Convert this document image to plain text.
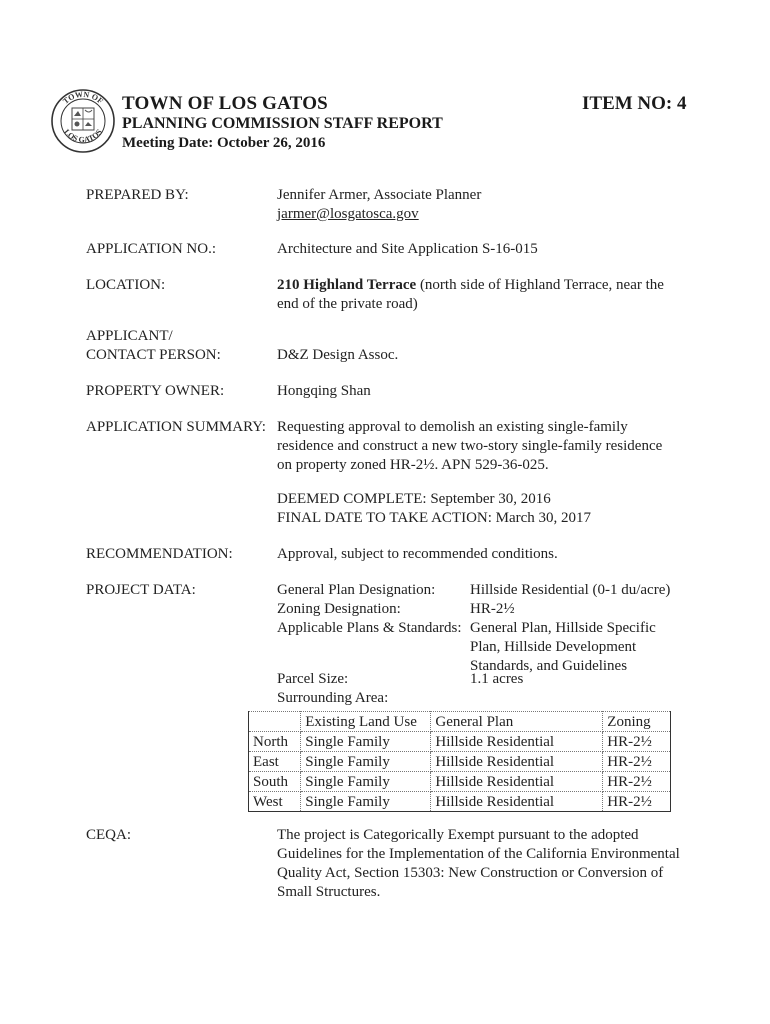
TOWN OF
LOS GATOS
TOWN OF LOS GATOS
PLANNING COMMISSION STAFF REPORT
Meeting Date: October 26, 2016
ITEM NO: 4
PREPARED BY:	Jennifer Armer, Associate Planner
jarmer@losgatosca.gov
APPLICATION NO.:	Architecture and Site Application S-16-015
LOCATION:	210 Highland Terrace (north side of Highland Terrace, near the end of the private road)
APPLICANT/
CONTACT PERSON:	D&Z Design Assoc.
PROPERTY OWNER:	Hongqing Shan
APPLICATION SUMMARY: Requesting approval to demolish an existing single-family residence and construct a new two-story single-family residence on property zoned HR-2½. APN 529-36-025.
DEEMED COMPLETE: September 30, 2016
FINAL DATE TO TAKE ACTION: March 30, 2017
RECOMMENDATION:	Approval, subject to recommended conditions.
PROJECT DATA:	General Plan Designation: Hillside Residential (0-1 du/acre)
Zoning Designation:	HR-2½
Applicable Plans & Standards: General Plan, Hillside Specific Plan, Hillside Development Standards, and Guidelines
Parcel Size:	1.1 acres
Surrounding Area:
	Existing Land Use	General Plan	Zoning
North	Single Family	Hillside Residential	HR-2½
East	Single Family	Hillside Residential	HR-2½
South	Single Family	Hillside Residential	HR-2½
West	Single Family	Hillside Residential	HR-2½
CEQA:	The project is Categorically Exempt pursuant to the adopted Guidelines for the Implementation of the California Environmental Quality Act, Section 15303: New Construction or Conversion of Small Structures.
